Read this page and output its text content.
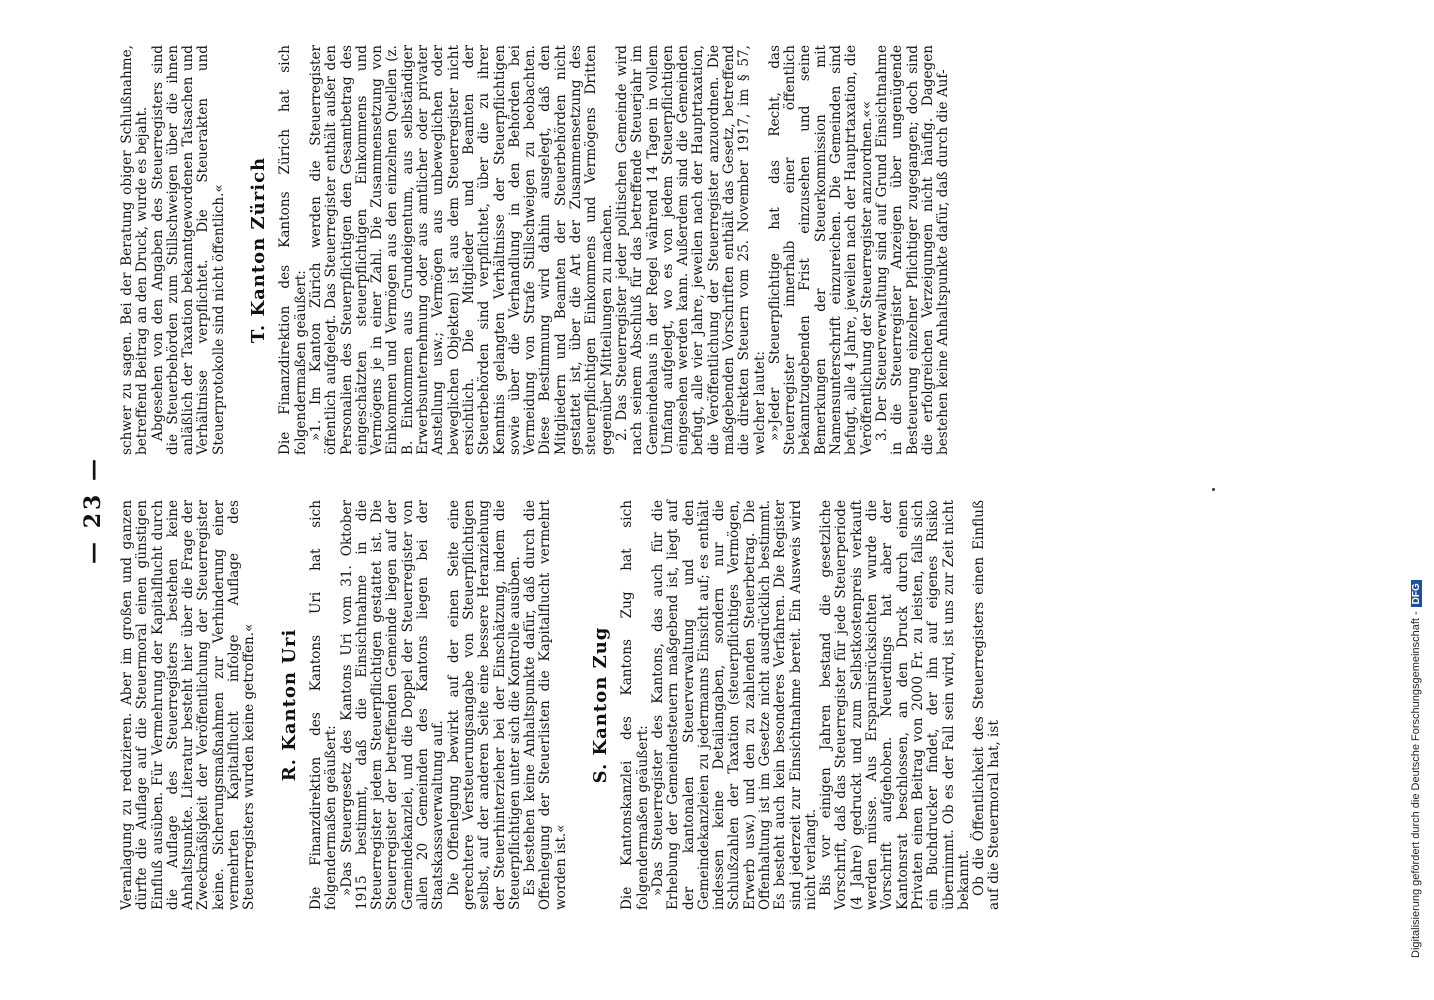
— 23 — Veranlagung zu reduzieren. Aber im großen und ganzen dürfte die Auflage auf die Steuermoral einen günstigen Einfluß ausüben. Für Vermehrung der Kapitalflucht durch die Auflage des Steuerregisters bestehen keine Anhaltspunkte. Literatur besteht hier über die Frage der Zweckmäßigkeit der Veröffentlichung der Steuerregister keine. Sicherungsmaßnahmen zur Verhinderung einer vermehrten Kapitalflucht infolge Auflage des Steuerregisters wurden keine getroffen.« R. Kanton Uri Die Finanzdirektion des Kantons Uri hat sich folgendermaßen geäußert: »Das Steuergesetz des Kantons Uri vom 31. Oktober 1915 bestimmt, daß die Einsichtnahme in die Steuerregister jedem Steuerpflichtigen gestattet ist. Die Steuerregister der betreffenden Gemeinde liegen auf der Gemeindekanzlei, und die Doppel der Steuerregister von allen 20 Gemeinden des Kantons liegen bei der Staatskassaverwaltung auf. Die Offenlegung bewirkt auf der einen Seite eine gerechtere Versteuerungsangabe von Steuerpflichtigen selbst, auf der anderen Seite eine bessere Heranziehung der Steuerhinterzieher bei der Einschätzung, indem die Steuerpflichtigen unter sich die Kontrolle ausüben. Es bestehen keine Anhaltspunkte dafür, daß durch die Offenlegung der Steuerlisten die Kapitalflucht vermehrt worden ist.«

S. Kanton Zug Die Kantonskanzlei des Kantons Zug hat sich folgendermaßen geäußert: »Das Steuerregister des Kantons, das auch für die Erhebung der Gemeindesteuern maßgebend ist, liegt auf der kantonalen Steuerverwaltung und den Gemeindekanzleien zu jedermanns Einsicht auf; es enthält indessen keine Detailangaben, sondern nur die Schlußzahlen der Taxation (steuerpflichtiges Vermögen, Erwerb usw.) und den zu zahlenden Steuerbetrag. Die Offenhaltung ist im Gesetze nicht ausdrücklich bestimmt. Es besteht auch kein besonderes Verfahren. Die Register sind jederzeit zur Einsichtnahme bereit. Ein Ausweis wird nicht verlangt. Bis vor einigen Jahren bestand die gesetzliche Vorschrift, daß das Steuerregister für jede Steuerperiode (4 Jahre) gedruckt und zum Selbstkostenpreis verkauft werden müsse. Aus Ersparnisrücksichten wurde die Vorschrift aufgehoben. Neuerdings hat aber der Kantonsrat beschlossen, an den Druck durch einen Privaten einen Beitrag von 2000 Fr. zu leisten, falls sich ein Buchdrucker findet, der ihn auf eigenes Risiko übernimmt. Ob es der Fall sein wird, ist uns zur Zeit nicht bekannt. Ob die Öffentlichkeit des Steuerregisters einen Einfluß auf die Steuermoral hat, ist

schwer zu sagen. Bei der Beratung obiger Schlußnahme, betreffend Beitrag an den Druck, wurde es bejaht. Abgesehen von den Angaben des Steuerregisters sind die Steuerbehörden zum Stillschweigen über die ihnen anläßlich der Taxation bekanntgewordenen Tatsachen und Verhältnisse verpflichtet. Die Steuerakten und Steuerprotokolle sind nicht öffentlich.« T. Kanton Zürich Die Finanzdirektion des Kantons Zürich hat sich folgendermaßen geäußert: »1. Im Kanton Zürich werden die Steuerregister öffentlich aufgelegt. Das Steuerregister enthält außer den Personalien des Steuerpflichtigen den Gesamtbetrag des eingeschätzten steuerpflichtigen Einkommens und Vermögens je in einer Zahl. Die Zusammensetzung von Einkommen und Vermögen aus den einzelnen Quellen (z. B. Einkommen aus Grundeigentum, aus selbständiger Erwerbsunternehmung oder aus amtlicher oder privater Anstellung usw.; Vermögen aus unbeweglichen oder beweglichen Objekten) ist aus dem Steuerregister nicht ersichtlich. Die Mitglieder und Beamten der Steuerbehörden sind verpflichtet, über die zu ihrer Kenntnis gelangten Verhältnisse der Steuerpflichtigen sowie über die Verhandlung in den Behörden bei Vermeidung von Strafe Stillschweigen zu beobachten. Diese Bestimmung wird dahin ausgelegt, daß den Mitgliedern und Beamten der Steuerbehörden nicht gestattet ist, über die Art der Zusammensetzung des steuerpflichtigen Einkommens und Vermögens Dritten gegenüber Mitteilungen zu machen. 2. Das Steuerregister jeder politischen Gemeinde wird nach seinem Abschluß für das betreffende Steuerjahr im Gemeindehaus in der Regel während 14 Tagen in vollem Umfang aufgelegt, wo es von jedem Steuerpflichtigen eingesehen werden kann. Außerdem sind die Gemeinden befugt, alle vier Jahre, jeweilen nach der Hauptrtaxation, die Veröffentlichung der Steuerregister anzuordnen. Die maßgebenden Vorschriften enthält das Gesetz, betreffend die direkten Steuern vom 25. November 1917, im § 57, welcher lautet: »»Jeder Steuerpflichtige hat das Recht, das Steuerregister innerhalb einer öffentlich bekanntzugebenden Frist einzusehen und seine Bemerkungen der Steuerkommission mit Namensunterschrift einzureichen. Die Gemeinden sind befugt, alle 4 Jahre, jeweilen nach der Hauptrtaxation, die Veröffentlichung der Steuerregister anzuordnen.«« 3. Der Steuerverwaltung sind auf Grund Einsichtnahme in die Steuerregister Anzeigen über ungenügende Besteuerung einzelner Pflichtiger zugegangen; doch sind die erfolgreichen Verzeigungen nicht häufig. Dagegen bestehen keine Anhaltspunkte dafür, daß durch die Auf-

Digitalisierung gefördert durch die Deutsche Forschungsgemeinschaft -DFG
